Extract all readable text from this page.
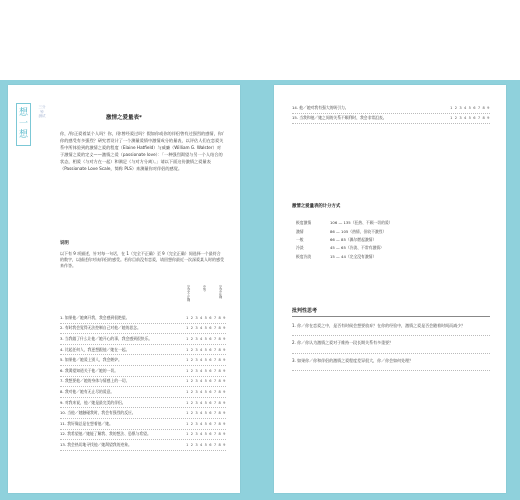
想一想
三分钟 测试	激情之爱量表*
你，/你正爱着某个人吗？你，/你曾经爱过吗？假如你或你的伴侣曾有过强烈的感情，你/你的感受有多强烈？研究者设计了一个测量爱情中激情成分的量表，以评估人们在恋爱关系中所体验到的激情之爱的程度（Elaine Hatfield）与威廉（William G. Walster）对于激情之爱的定义——激情之爱（passionate love）：「一种强烈渴望与另一个人结合的状态，相爱（与对方在一起）和满足（与对方分离）。」请以下面这份激情之爱量表（Passionate Love Scale，简称 PLS）来测量你对伴侣的感觉。
说明
以下有 9 项描述，针对每一句话，在 1（完全不正确）至 9（完全正确）间选择一个最符合的数字，以描述你对该伴侣的感受。若你目前没有恋爱，请回想你最近一次深爱某人时的感受来作答。
完全不正确	中等	完全正确
1. 如果他／她离开我，我会感到很绝望。	1 2 3 4 5 6 7 8 9
2. 有时我会觉得无法控制自己对他／她的思念。	1 2 3 4 5 6 7 8 9
3. 当我做了什么让他／她开心的事，我会感到很快乐。	1 2 3 4 5 6 7 8 9
4. 比起任何人，我更想跟他／她在一起。	1 2 3 4 5 6 7 8 9
5. 如果他／她爱上别人，我会嫉妒。	1 2 3 4 5 6 7 8 9
6. 我渴望知道关于他／她的一切。	1 2 3 4 5 6 7 8 9
7. 我想要他／她的身体与情感上的一切。	1 2 3 4 5 6 7 8 9
8. 我对他／她有无止尽的爱意。	1 2 3 4 5 6 7 8 9
9. 对我来说，他／她是最完美的伴侣。	1 2 3 4 5 6 7 8 9
10. 当他／她触碰我时，我会有强烈的反应。	1 2 3 4 5 6 7 8 9
11. 我好像总是在想着他／她。	1 2 3 4 5 6 7 8 9
12. 我希望他／她能了解我、我的想法、恐惧与希望。	1 2 3 4 5 6 7 8 9
13. 我会热切地寻找他／她渴望我的迹象。	1 2 3 4 5 6 7 8 9
14. 他／她对我有强大的吸引力。	1 2 3 4 5 6 7 8 9
15. 当我和他／她之间的关系不顺利时，我会非常沮丧。	1 2 3 4 5 6 7 8 9
激情之爱量表的计分方式
极度激情	106 — 135（狂热、不顾一切的爱）
激情	86 — 105（热情，但较不激烈）
一般	66 — 85（偶尔燃起激情）
冷淡	45 — 65（冷淡、不常有激情）
极度冷淡	15 — 44（完全没有激情）
批判性思考
1. 你／你在恋爱之中，是否有时候会想要放弃？在你的经验中，激情之爱是否会随着时间而减少？
2. 你／你认为激情之爱对于维持一段长期关系有多重要？
3. 如果你／你和伴侣的激情之爱程度差异很大，你／你会如何处理？
